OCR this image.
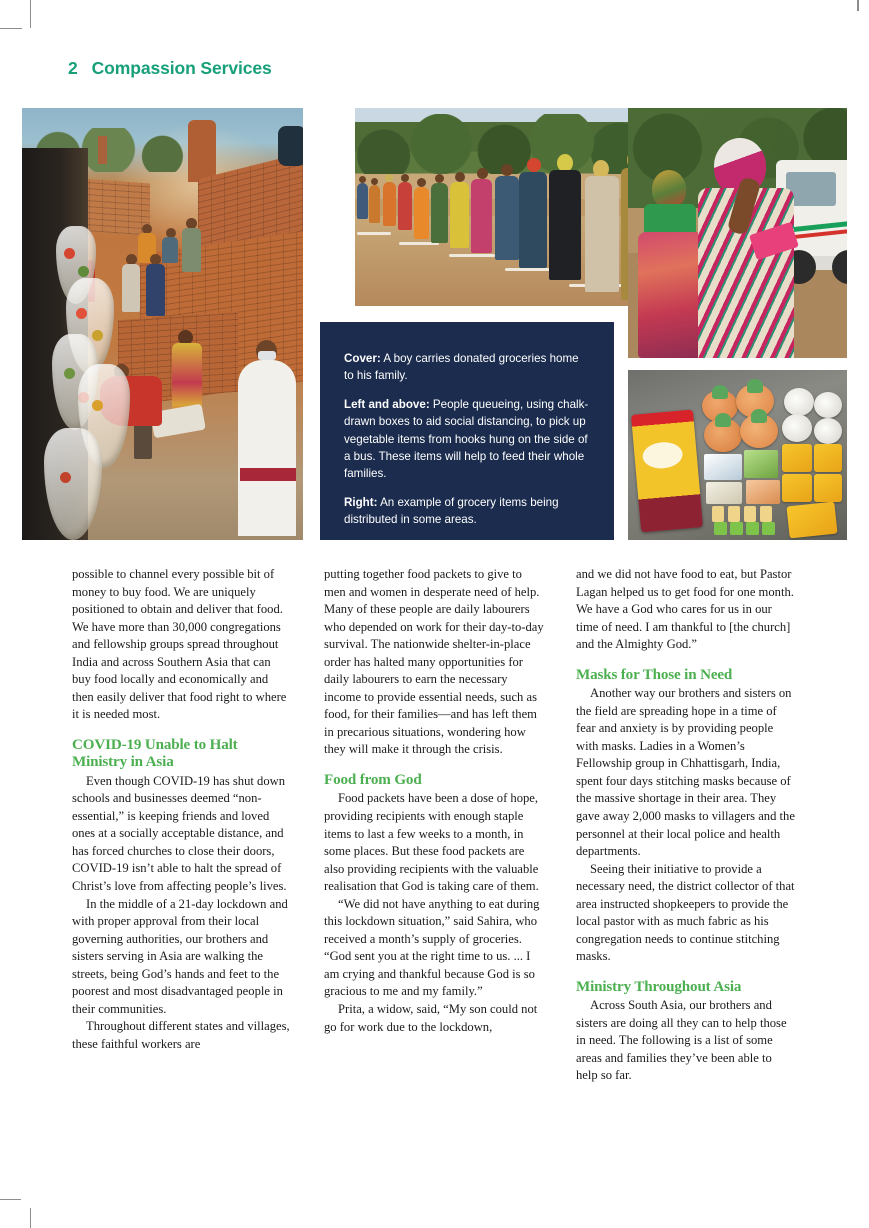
2 Compassion Services

Cover: A boy carries donated groceries home to his family.

Left and above: People queueing, using chalk-drawn boxes to aid social distancing, to pick up vegetable items from hooks hung on the side of a bus. These items will help to feed their whole families.

Right: An example of grocery items being distributed in some areas.

possible to channel every possible bit of money to buy food. We are uniquely positioned to obtain and deliver that food. We have more than 30,000 congregations and fellowship groups spread throughout India and across Southern Asia that can buy food locally and economically and then easily deliver that food right to where it is needed most.

COVID-19 Unable to Halt Ministry in Asia

Even though COVID-19 has shut down schools and businesses deemed “non-essential,” is keeping friends and loved ones at a socially acceptable distance, and has forced churches to close their doors, COVID-19 isn’t able to halt the spread of Christ’s love from affecting people’s lives.

In the middle of a 21-day lockdown and with proper approval from their local governing authorities, our brothers and sisters serving in Asia are walking the streets, being God’s hands and feet to the poorest and most disadvantaged people in their communities.

Throughout different states and villages, these faithful workers are

putting together food packets to give to men and women in desperate need of help. Many of these people are daily labourers who depended on work for their day-to-day survival. The nationwide shelter-in-place order has halted many opportunities for daily labourers to earn the necessary income to provide essential needs, such as food, for their families—and has left them in precarious situations, wondering how they will make it through the crisis.

Food from God

Food packets have been a dose of hope, providing recipients with enough staple items to last a few weeks to a month, in some places. But these food packets are also providing recipients with the valuable realisation that God is taking care of them.

“We did not have anything to eat during this lockdown situation,” said Sahira, who received a month’s supply of groceries. “God sent you at the right time to us. ... I am crying and thankful because God is so gracious to me and my family.”

Prita, a widow, said, “My son could not go for work due to the lockdown,

and we did not have food to eat, but Pastor Lagan helped us to get food for one month. We have a God who cares for us in our time of need. I am thankful to [the church] and the Almighty God.”

Masks for Those in Need

Another way our brothers and sisters on the field are spreading hope in a time of fear and anxiety is by providing people with masks. Ladies in a Women’s Fellowship group in Chhattisgarh, India, spent four days stitching masks because of the massive shortage in their area. They gave away 2,000 masks to villagers and the personnel at their local police and health departments.

Seeing their initiative to provide a necessary need, the district collector of that area instructed shopkeepers to provide the local pastor with as much fabric as his congregation needs to continue stitching masks.

Ministry Throughout Asia

Across South Asia, our brothers and sisters are doing all they can to help those in need. The following is a list of some areas and families they’ve been able to help so far.
